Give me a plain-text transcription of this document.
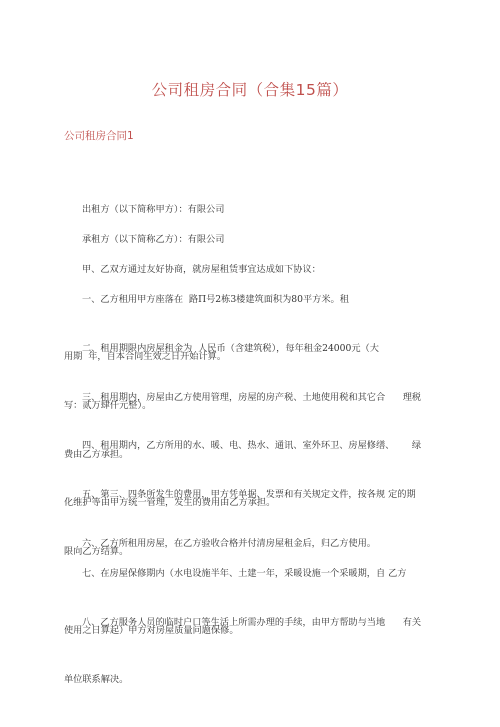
公司租房合同（合集15篇）
公司租房合同1

出租方（以下简称甲方）：有限公司

承租方（以下简称乙方）：有限公司

甲、乙双方通过友好协商，就房屋租赁事宜达成如下协议：

一、乙方租用甲方座落在  路Π号2栋3楼建筑面积为80平方米。租

用期  年，自本合同生效之日开始计算。

二、租用期限内房屋租金为  人民币（含建筑税），每年租金24000元（大

写：贰万肆仟元整）。

三、租用期内，房屋由乙方使用管理，房屋的房产税、土地使用税和其它合      理税

费由乙方承担。

四、租用期内，乙方所用的水、暖、电、热水、通讯、室外环卫、房屋修缮、      绿

化维护等由甲方统一管理，发生的费用由乙方承担。

五、第三、四条所发生的费用，甲方凭单据、发票和有关规定文件，按各规 定的期

限向乙方结算。

六、乙方所租用房屋，在乙方验收合格并付清房屋租金后，归乙方使用。

七、在房屋保修期内（水电设施半年、土建一年，采暖设施一个采暖期，自 乙方

使用之日算起）甲方对房屋质量问题保修。

八、乙方服务人员的临时户口等生活上所需办理的手续，由甲方帮助与当地      有关

单位联系解决。
